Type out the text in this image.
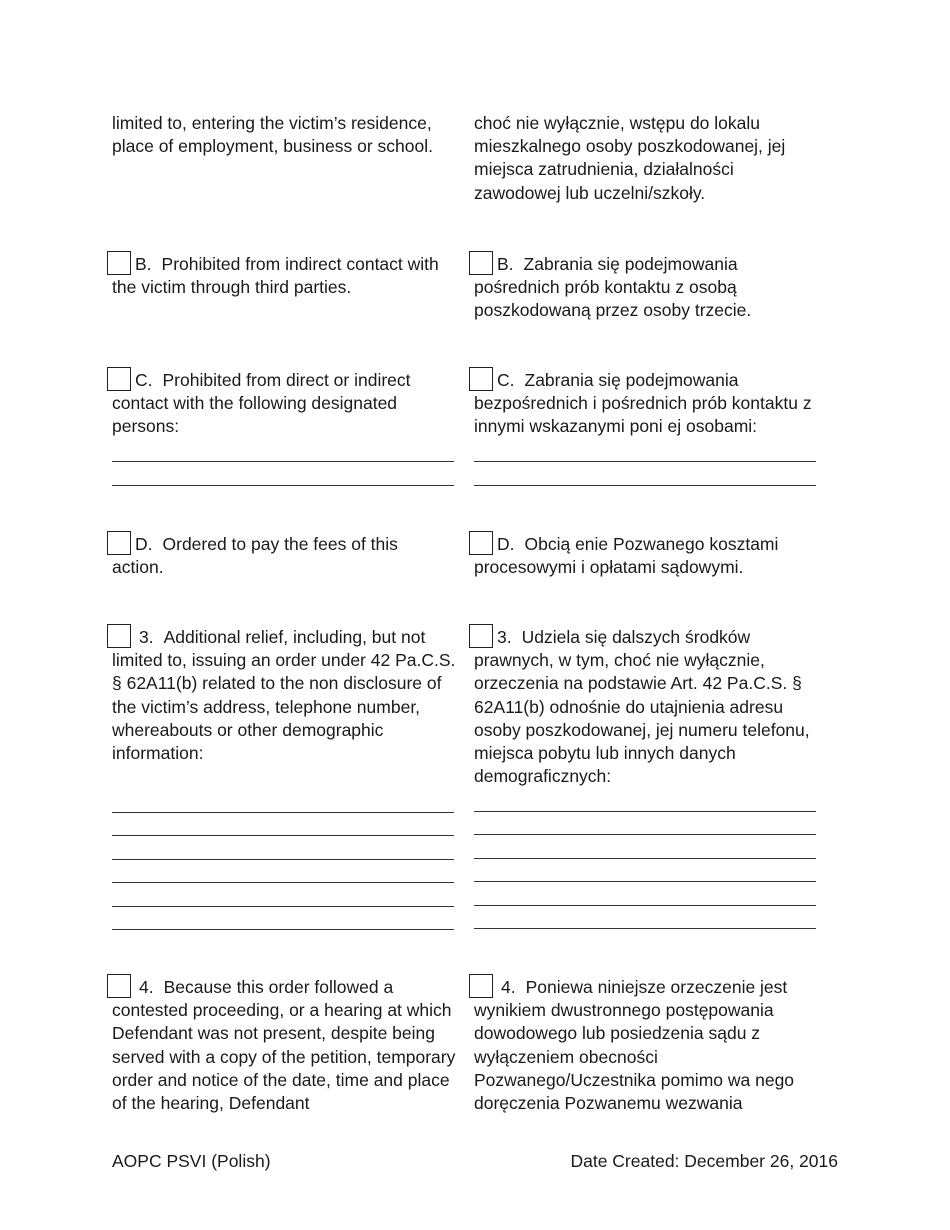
limited to, entering the victim’s residence, place of employment, business or school.

choć nie wyłącznie, wstępu do lokalu mieszkalnego osoby poszkodowanej, jej miejsca zatrudnienia, działalności zawodowej lub uczelni/szkoły.

B. Prohibited from indirect contact with the victim through third parties.

B. Zabrania się podejmowania pośrednich prób kontaktu z osobą poszkodowaną przez osoby trzecie.

C. Prohibited from direct or indirect contact with the following designated persons:

C. Zabrania się podejmowania bezpośrednich i pośrednich prób kontaktu z innymi wskazanymi poni ej osobami:

D. Ordered to pay the fees of this action.

D. Obcią enie Pozwanego kosztami procesowymi i opłatami sądowymi.

3. Additional relief, including, but not limited to, issuing an order under 42 Pa.C.S. § 62A11(b) related to the non disclosure of the victim’s address, telephone number, whereabouts or other demographic information:

3. Udziela się dalszych środków prawnych, w tym, choć nie wyłącznie, orzeczenia na podstawie Art. 42 Pa.C.S. § 62A11(b) odnośnie do utajnienia adresu osoby poszkodowanej, jej numeru telefonu, miejsca pobytu lub innych danych demograficznych:

4. Because this order followed a contested proceeding, or a hearing at which Defendant was not present, despite being served with a copy of the petition, temporary order and notice of the date, time and place of the hearing, Defendant

4. Poniewa niniejsze orzeczenie jest wynikiem dwustronnego postępowania dowodowego lub posiedzenia sądu z wyłączeniem obecności Pozwanego/Uczestnika pomimo wa nego doręczenia Pozwanemu wezwania

AOPC PSVI (Polish)	Date Created: December 26, 2016
